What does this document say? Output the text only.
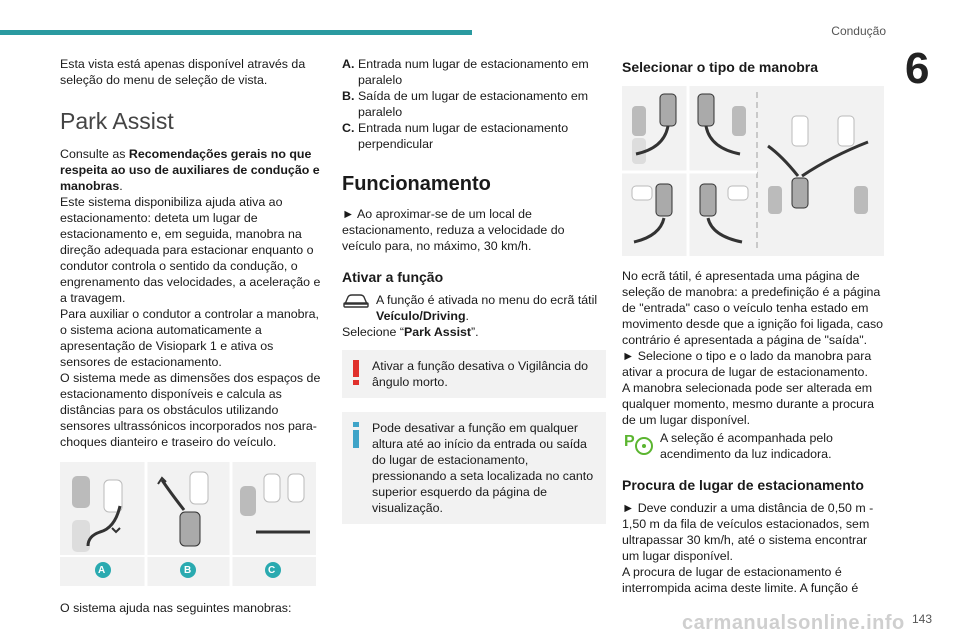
Condução
6

Esta vista está apenas disponível através da seleção do menu de seleção de vista.

Park Assist

Consulte as Recomendações gerais no que respeita ao uso de auxiliares de condução e manobras.

Este sistema disponibiliza ajuda ativa ao estacionamento: deteta um lugar de estacionamento e, em seguida, manobra na direção adequada para estacionar enquanto o condutor controla o sentido da condução, o engrenamento das velocidades, a aceleração e a travagem.
Para auxiliar o condutor a controlar a manobra, o sistema aciona automaticamente a apresentação de Visiopark 1 e ativa os sensores de estacionamento.
O sistema mede as dimensões dos espaços de estacionamento disponíveis e calcula as distâncias para os obstáculos utilizando sensores ultrassónicos incorporados nos para-choques dianteiro e traseiro do veículo.

A	B	C

O sistema ajuda nas seguintes manobras:

A. Entrada num lugar de estacionamento em paralelo
B. Saída de um lugar de estacionamento em paralelo
C. Entrada num lugar de estacionamento perpendicular
Funcionamento

► Ao aproximar-se de um local de estacionamento, reduza a velocidade do veículo para, no máximo, 30 km/h.

Ativar a função
A função é ativada no menu do ecrã tátil Veículo/Driving.

Selecione “Park Assist”.

Ativar a função desativa o Vigilância do ângulo morto.
Pode desativar a função em qualquer altura até ao início da entrada ou saída do lugar de estacionamento, pressionando a seta localizada no canto superior esquerdo da página de visualização.
Selecionar o tipo de manobra

No ecrã tátil, é apresentada uma página de seleção de manobra: a predefinição é a página de "entrada" caso o veículo tenha estado em movimento desde que a ignição foi ligada, caso contrário é apresentada a página de "saída".
► Selecione o tipo e o lado da manobra para ativar a procura de lugar de estacionamento.
A manobra selecionada pode ser alterada em qualquer momento, mesmo durante a procura de um lugar disponível.

P A seleção é acompanhada pelo acendimento da luz indicadora.
Procura de lugar de estacionamento

► Deve conduzir a uma distância de 0,50 m - 1,50 m da fila de veículos estacionados, sem ultrapassar 30 km/h, até o sistema encontrar um lugar disponível.
A procura de lugar de estacionamento é interrompida acima deste limite. A função é

carmanualsonline.info 143
